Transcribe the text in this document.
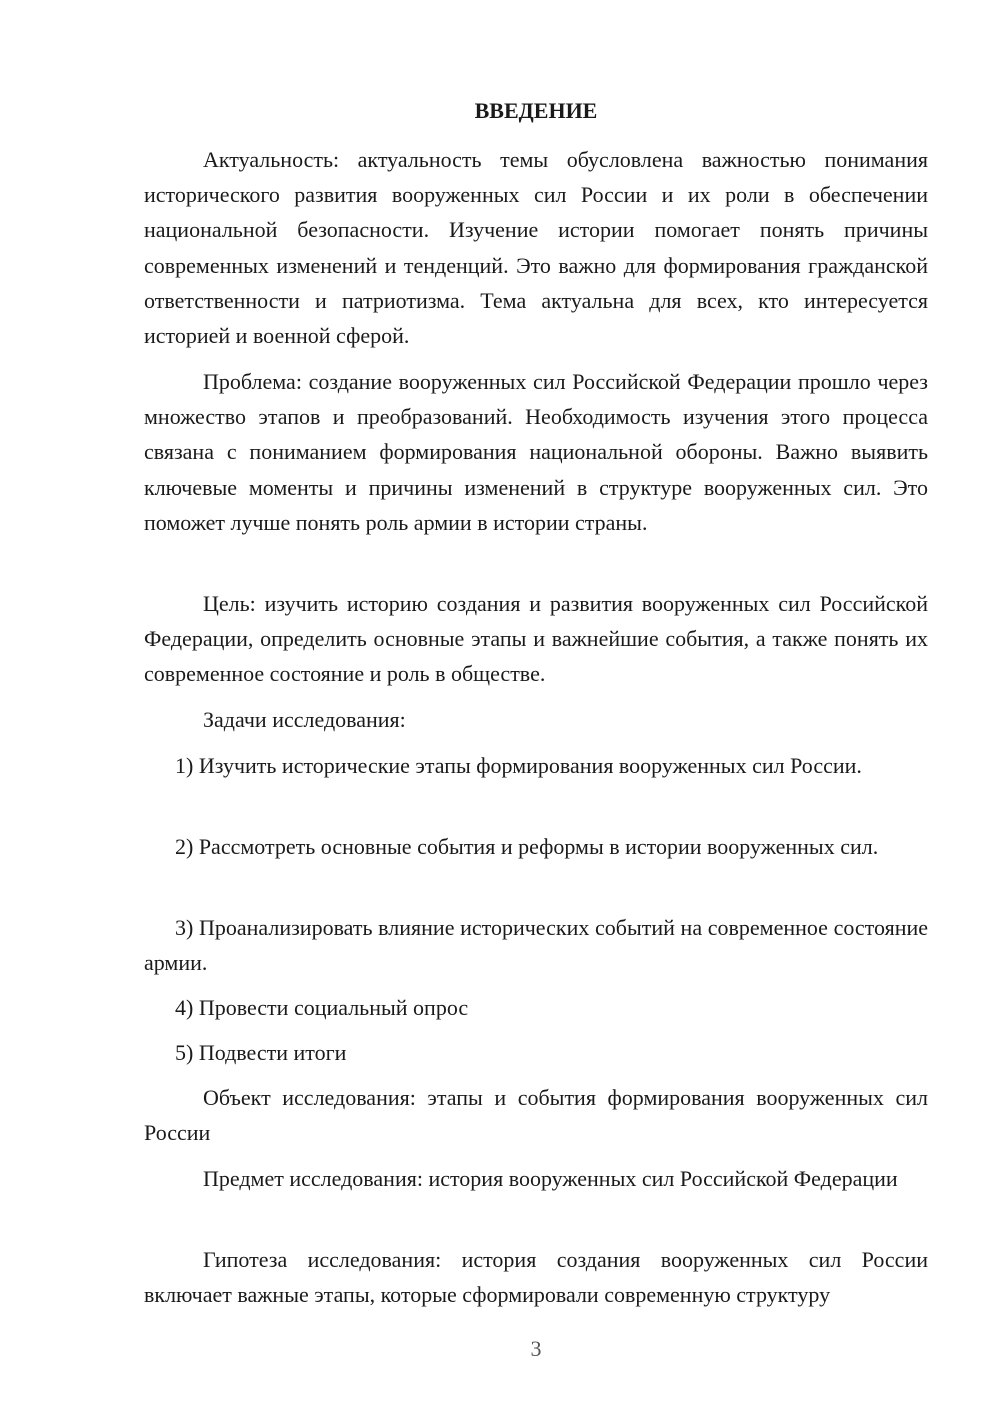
ВВЕДЕНИЕ

Актуальность: актуальность темы обусловлена важностью понимания исторического развития вооруженных сил России и их роли в обеспечении национальной безопасности. Изучение истории помогает понять причины современных изменений и тенденций. Это важно для формирования гражданской ответственности и патриотизма. Тема актуальна для всех, кто интересуется историей и военной сферой.

Проблема: создание вооруженных сил Российской Федерации прошло через множество этапов и преобразований. Необходимость изучения этого процесса связана с пониманием формирования национальной обороны. Важно выявить ключевые моменты и причины изменений в структуре вооруженных сил. Это поможет лучше понять роль армии в истории страны.

Цель: изучить историю создания и развития вооруженных сил Российской Федерации, определить основные этапы и важнейшие события, а также понять их современное состояние и роль в обществе.

Задачи исследования:

1) Изучить исторические этапы формирования вооруженных сил России.

2) Рассмотреть основные события и реформы в истории вооруженных сил.

3) Проанализировать влияние исторических событий на современное состояние армии.

4) Провести социальный опрос

5) Подвести итоги

Объект исследования: этапы и события формирования вооруженных сил России

Предмет исследования: история вооруженных сил Российской Федерации

Гипотеза исследования: история создания вооруженных сил России включает важные этапы, которые сформировали современную структуру

3
